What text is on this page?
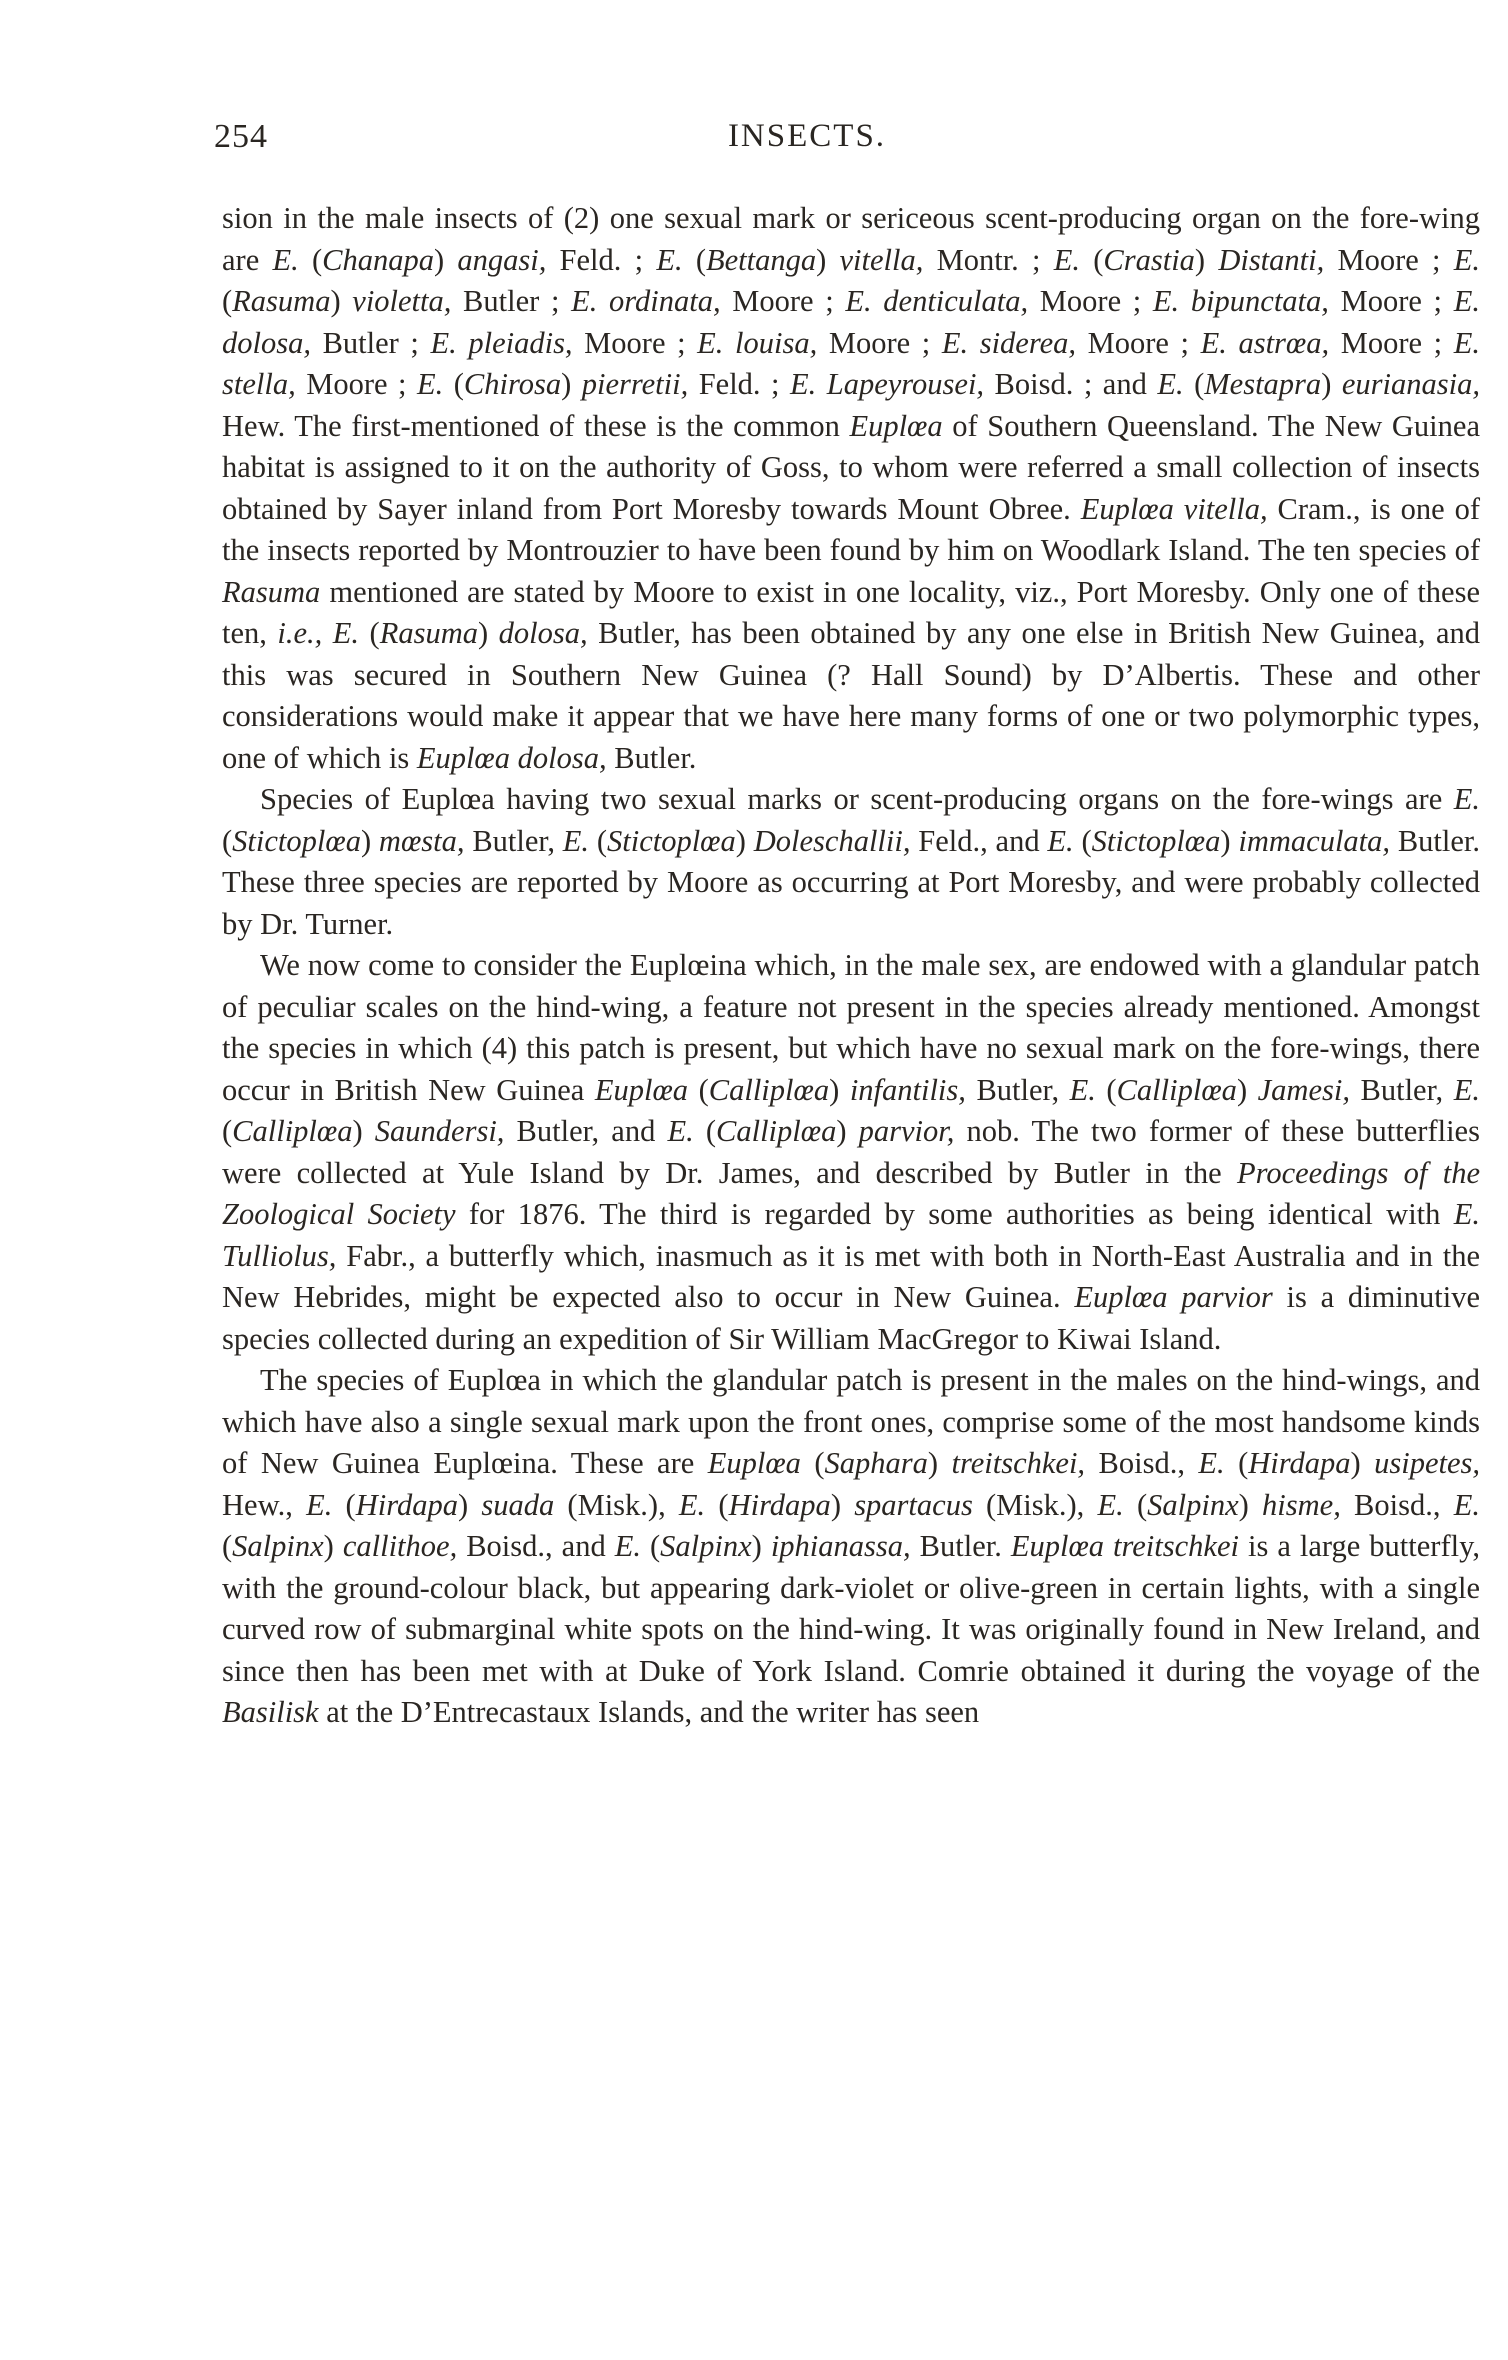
254	INSECTS.

sion in the male insects of (2) one sexual mark or sericeous scent-producing organ on the fore-wing are E. (Chanapa) angasi, Feld. ; E. (Bettanga) vitella, Montr. ; E. (Crastia) Distanti, Moore ; E. (Rasuma) violetta, Butler ; E. ordinata, Moore ; E. denticulata, Moore ; E. bipunctata, Moore ; E. dolosa, Butler ; E. pleiadis, Moore ; E. louisa, Moore ; E. siderea, Moore ; E. astrœa, Moore ; E. stella, Moore ; E. (Chirosa) pierretii, Feld. ; E. Lapeyrousei, Boisd. ; and E. (Mestapra) eurianasia, Hew. The first-mentioned of these is the common Euplœa of Southern Queensland. The New Guinea habitat is assigned to it on the authority of Goss, to whom were referred a small collection of insects obtained by Sayer inland from Port Moresby towards Mount Obree. Euplœa vitella, Cram., is one of the insects reported by Montrouzier to have been found by him on Woodlark Island. The ten species of Rasuma mentioned are stated by Moore to exist in one locality, viz., Port Moresby. Only one of these ten, i.e., E. (Rasuma) dolosa, Butler, has been obtained by any one else in British New Guinea, and this was secured in Southern New Guinea (? Hall Sound) by D’Albertis. These and other considerations would make it appear that we have here many forms of one or two polymorphic types, one of which is Euplœa dolosa, Butler.

Species of Euplœa having two sexual marks or scent-producing organs on the fore-wings are E. (Stictoplœa) mœsta, Butler, E. (Stictoplœa) Doleschallii, Feld., and E. (Stictoplœa) immaculata, Butler. These three species are reported by Moore as occurring at Port Moresby, and were probably collected by Dr. Turner.

We now come to consider the Euplœina which, in the male sex, are endowed with a glandular patch of peculiar scales on the hind-wing, a feature not present in the species already mentioned. Amongst the species in which (4) this patch is present, but which have no sexual mark on the fore-wings, there occur in British New Guinea Euplœa (Calliplœa) infantilis, Butler, E. (Calliplœa) Jamesi, Butler, E. (Calliplœa) Saundersi, Butler, and E. (Calliplœa) parvior, nob. The two former of these butterflies were collected at Yule Island by Dr. James, and described by Butler in the Proceedings of the Zoological Society for 1876. The third is regarded by some authorities as being identical with E. Tulliolus, Fabr., a butterfly which, inasmuch as it is met with both in North-East Australia and in the New Hebrides, might be expected also to occur in New Guinea. Euplœa parvior is a diminutive species collected during an expedition of Sir William MacGregor to Kiwai Island.

The species of Euplœa in which the glandular patch is present in the males on the hind-wings, and which have also a single sexual mark upon the front ones, comprise some of the most handsome kinds of New Guinea Euplœina. These are Euplœa (Saphara) treitschkei, Boisd., E. (Hirdapa) usipetes, Hew., E. (Hirdapa) suada (Misk.), E. (Hirdapa) spartacus (Misk.), E. (Salpinx) hisme, Boisd., E. (Salpinx) callithoe, Boisd., and E. (Salpinx) iphianassa, Butler. Euplœa treitschkei is a large butterfly, with the ground-colour black, but appearing dark-violet or olive-green in certain lights, with a single curved row of submarginal white spots on the hind-wing. It was originally found in New Ireland, and since then has been met with at Duke of York Island. Comrie obtained it during the voyage of the Basilisk at the D’Entrecastaux Islands, and the writer has seen
